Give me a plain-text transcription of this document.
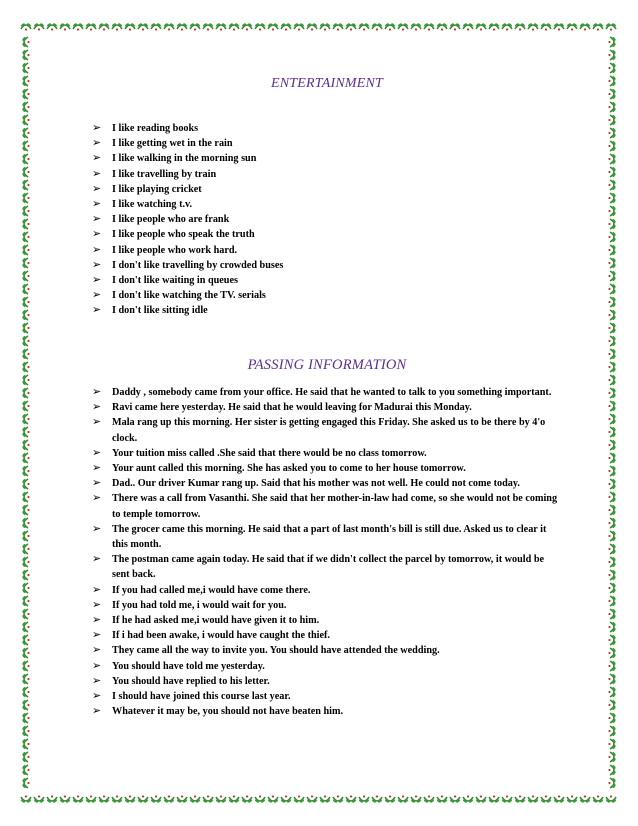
ENTERTAINMENT
➢ I like reading books
➢ I like getting wet in the rain
➢ I like walking in the morning sun
➢ I like travelling by train
➢ I like playing cricket
➢ I like watching t.v.
➢ I like people who are frank
➢ I like people who speak the truth
➢ I like people who work hard.
➢ I don't like travelling by crowded buses
➢ I don't like waiting in queues
➢ I don't like watching the TV. serials
➢ I don't like sitting idle
PASSING INFORMATION
➢ Daddy , somebody came from your office. He said that he wanted to talk to you something important.
➢ Ravi came here yesterday. He said that he would leaving for Madurai this Monday.
➢ Mala rang up this morning. Her sister is getting engaged this Friday. She asked us to be there by 4'o clock.
➢ Your tuition miss called .She said that there would be no class tomorrow.
➢ Your aunt called this morning. She has asked you to come to her house tomorrow.
➢ Dad.. Our driver Kumar rang up. Said that his mother was not well. He could not come today.
➢ There was a call from Vasanthi. She said that her mother-in-law had come, so she would not be coming to temple tomorrow.
➢ The grocer came this morning. He said that a part of last month's bill is still due. Asked us to clear it this month.
➢ The postman came again today. He said that if we didn't collect the parcel by tomorrow, it would be sent back.
➢ If you had called me,i would have come there.
➢ If you had told me, i would wait for you.
➢ If he had asked me,i would have given it to him.
➢ If i had been awake, i would have caught the thief.
➢ They came all the way to invite you. You should have attended the wedding.
➢ You should have told me yesterday.
➢ You should have replied to his letter.
➢ I should have joined this course last year.
➢ Whatever it may be, you should not have beaten him.
